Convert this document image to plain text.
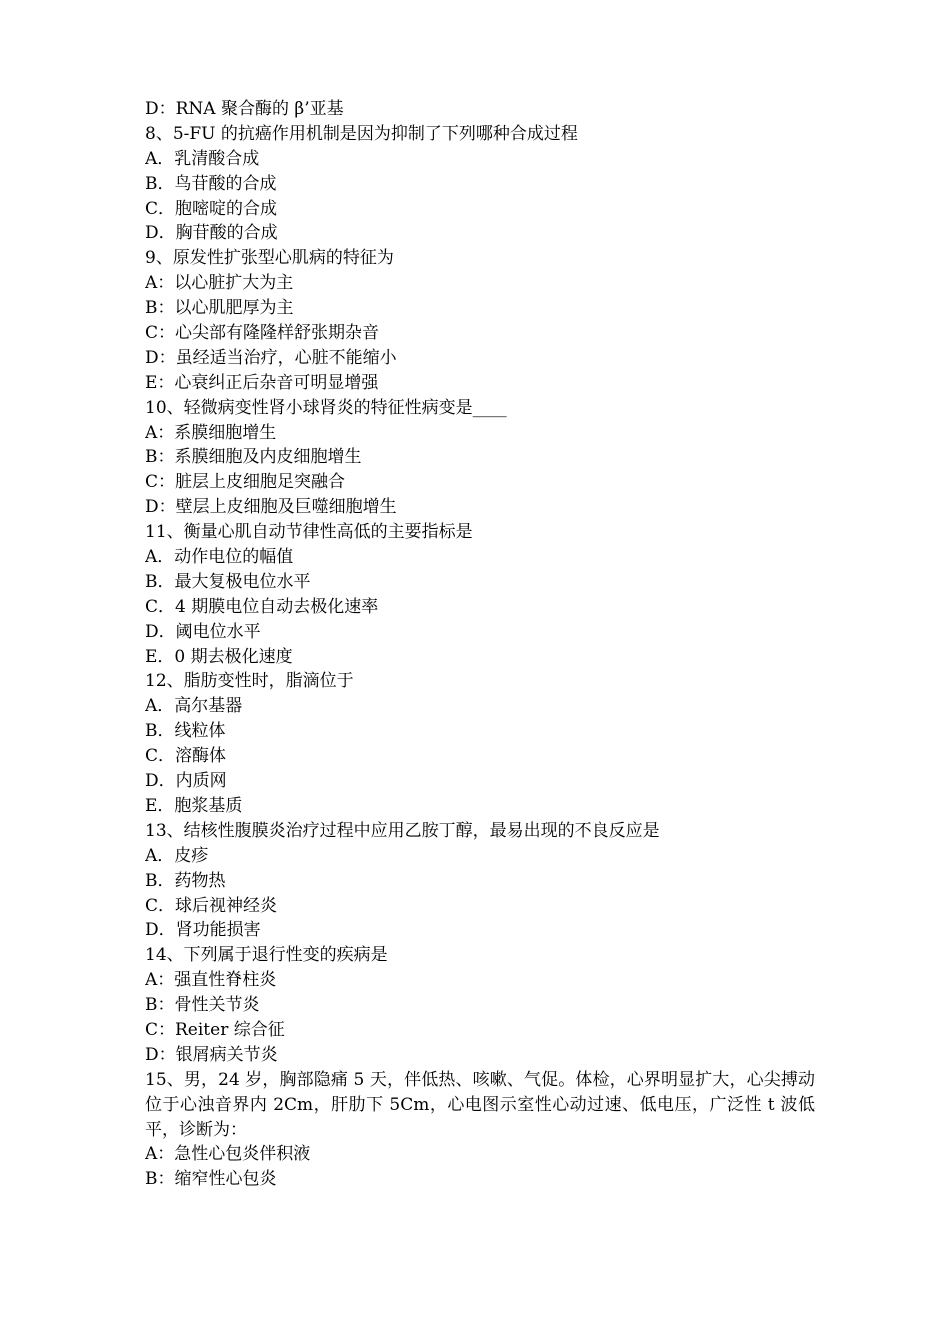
D：RNA 聚合酶的 β’亚基
8、5-FU 的抗癌作用机制是因为抑制了下列哪种合成过程
A．乳清酸合成
B．鸟苷酸的合成
C．胞嘧啶的合成
D．胸苷酸的合成
9、原发性扩张型心肌病的特征为
A：以心脏扩大为主
B：以心肌肥厚为主
C：心尖部有隆隆样舒张期杂音
D：虽经适当治疗，心脏不能缩小
E：心衰纠正后杂音可明显增强
10、轻微病变性肾小球肾炎的特征性病变是____
A：系膜细胞增生
B：系膜细胞及内皮细胞增生
C：脏层上皮细胞足突融合
D：壁层上皮细胞及巨噬细胞增生
11、衡量心肌自动节律性高低的主要指标是
A．动作电位的幅值
B．最大复极电位水平
C．4 期膜电位自动去极化速率
D．阈电位水平
E．0 期去极化速度
12、脂肪变性时，脂滴位于
A．高尔基器
B．线粒体
C．溶酶体
D．内质网
E．胞浆基质
13、结核性腹膜炎治疗过程中应用乙胺丁醇，最易出现的不良反应是
A．皮疹
B．药物热
C．球后视神经炎
D．肾功能损害
14、下列属于退行性变的疾病是
A：强直性脊柱炎
B：骨性关节炎
C：Reiter 综合征
D：银屑病关节炎
15、男，24 岁，胸部隐痛 5 天，伴低热、咳嗽、气促。体检，心界明显扩大，心尖搏动位于心浊音界内 2Cm，肝肋下 5Cm，心电图示室性心动过速、低电压，广泛性 t 波低平，诊断为：
A：急性心包炎伴积液
B：缩窄性心包炎
